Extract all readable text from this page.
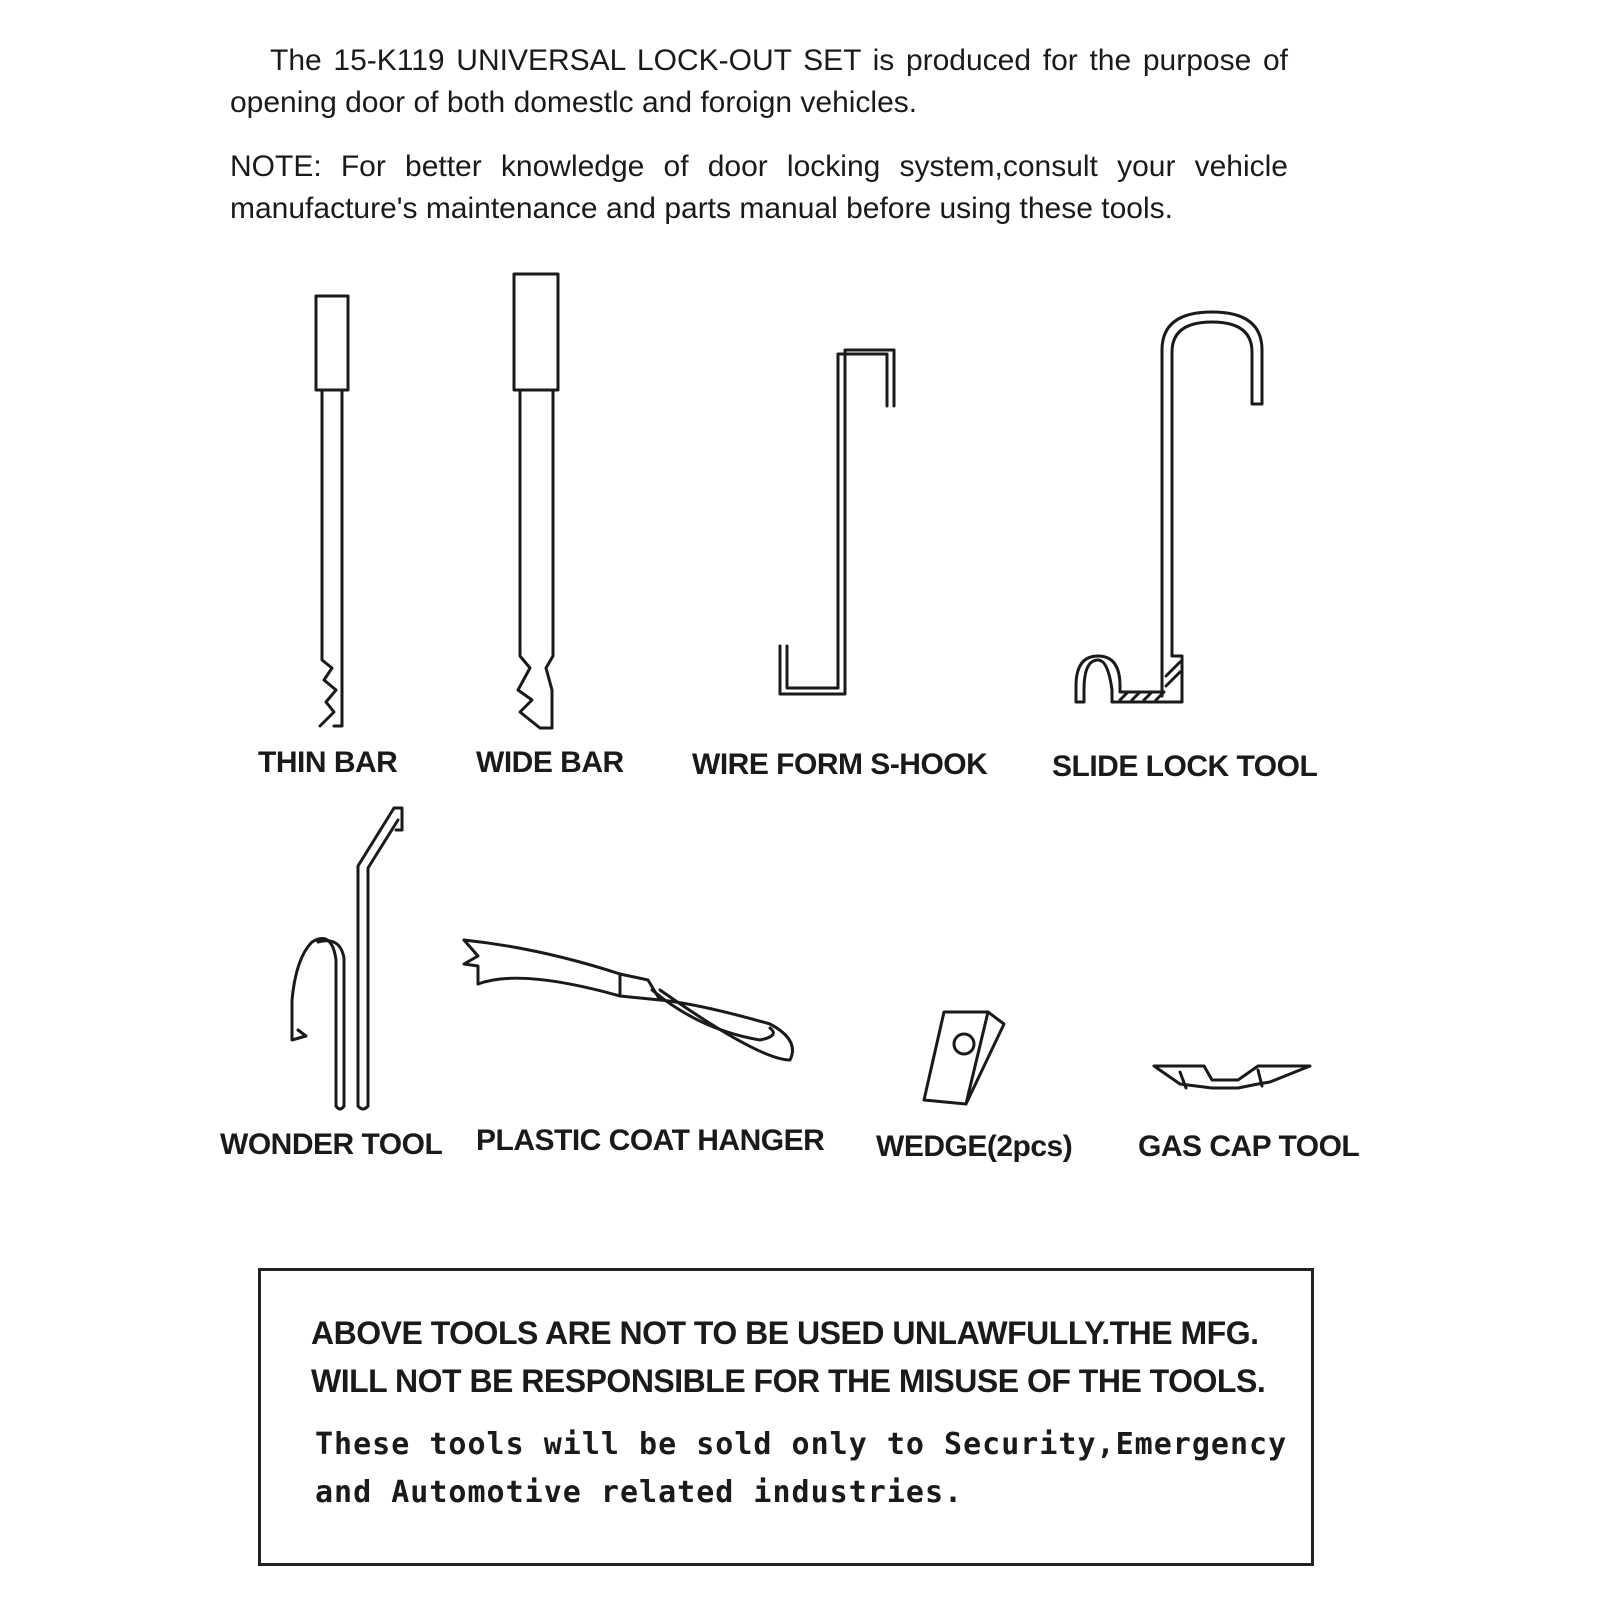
The 15-K119 UNIVERSAL LOCK-OUT SET is produced for the purpose of opening door of both domestlc and foroign vehicles.

NOTE: For better knowledge of door locking system,consult your vehicle manufacture's maintenance and parts manual before using these tools.

THIN BAR	WIDE BAR WIRE FORM S-HOOK SLIDE LOCK TOOL
WONDER TOOL PLASTIC COAT HANGER WEDGE(2pcs) GAS CAP TOOL

ABOVE TOOLS ARE NOT TO BE USED UNLAWFULLY.THE MFG.

WILL NOT BE RESPONSIBLE FOR THE MISUSE OF THE TOOLS.

These tools will be sold only to Security,Emergency

and Automotive related industries.
